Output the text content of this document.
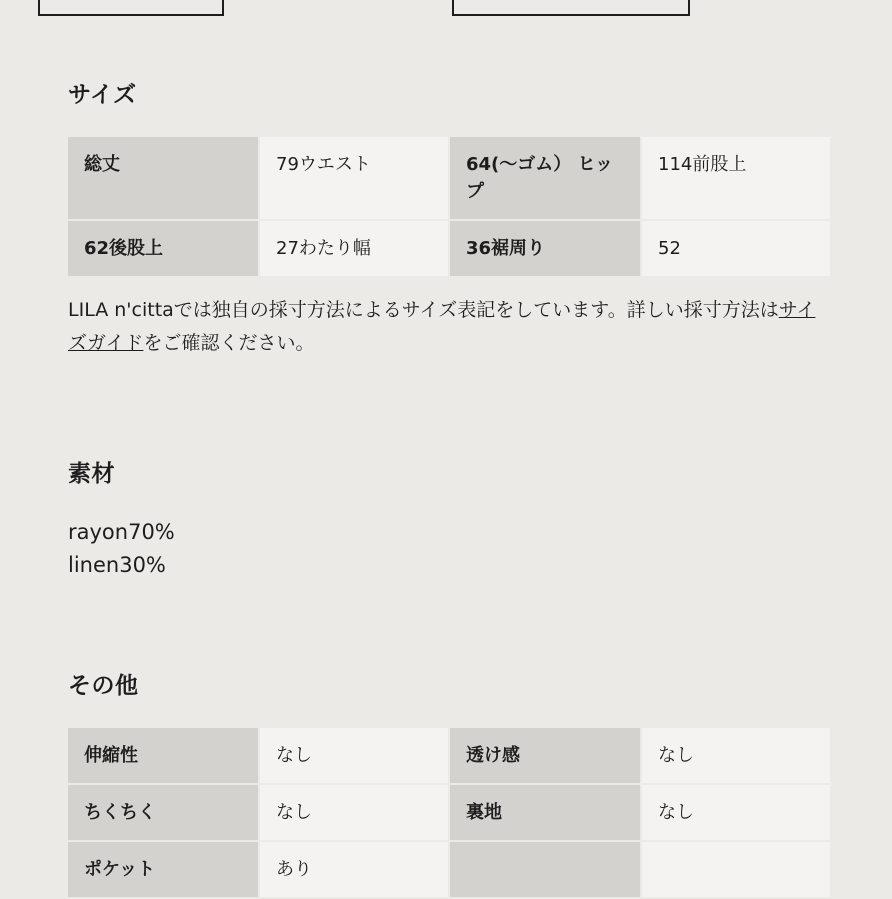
サイズ
総丈	79ウエスト	64(〜ゴム） ヒップ	114前股上
62後股上	27わたり幅	36裾周り	52

LILA n'cittaでは独自の採寸方法によるサイズ表記をしています。詳しい採寸方法はサイズガイドをご確認ください。

素材

rayon70%

linen30%

その他
伸縮性	なし	透け感	なし
ちくちく	なし	裏地	なし
ポケット	あり		
